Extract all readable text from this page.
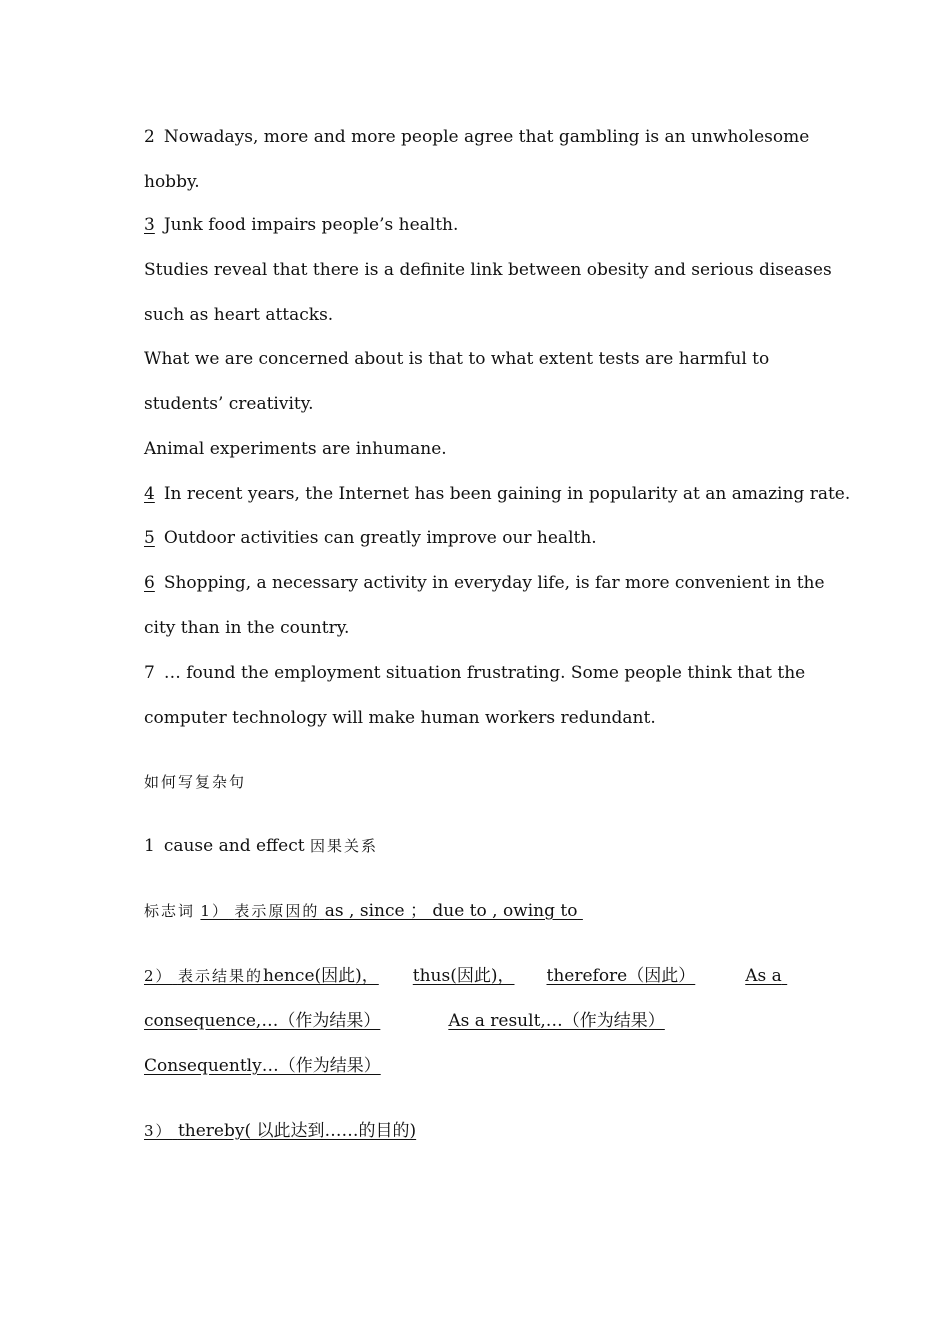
2 Nowadays, more and more people agree that gambling is an unwholesome
hobby.
3 Junk food impairs people’s health.
Studies reveal that there is a definite link between obesity and serious diseases
such as heart attacks.
What we are concerned about is that to what extent tests are harmful to
students’ creativity.
Animal experiments are inhumane.
4 In recent years, the Internet has been gaining in popularity at an amazing rate.
5 Outdoor activities can greatly improve our health.
6 Shopping, a necessary activity in everyday life, is far more convenient in the
city than in the country.
7 … found the employment situation frustrating. Some people think that the
computer technology will make human workers redundant.
如何写复杂句
1 cause and effect 因果关系
标志词 1） 表示原因的 as , since ； due to , owing to
2） 表示结果的hence(因此)， thus(因此)， therefore（因此）	As a
consequence,…（作为结果）	As a result,…（作为结果）
Consequently…（作为结果）
3） thereby( 以此达到……的目的)
